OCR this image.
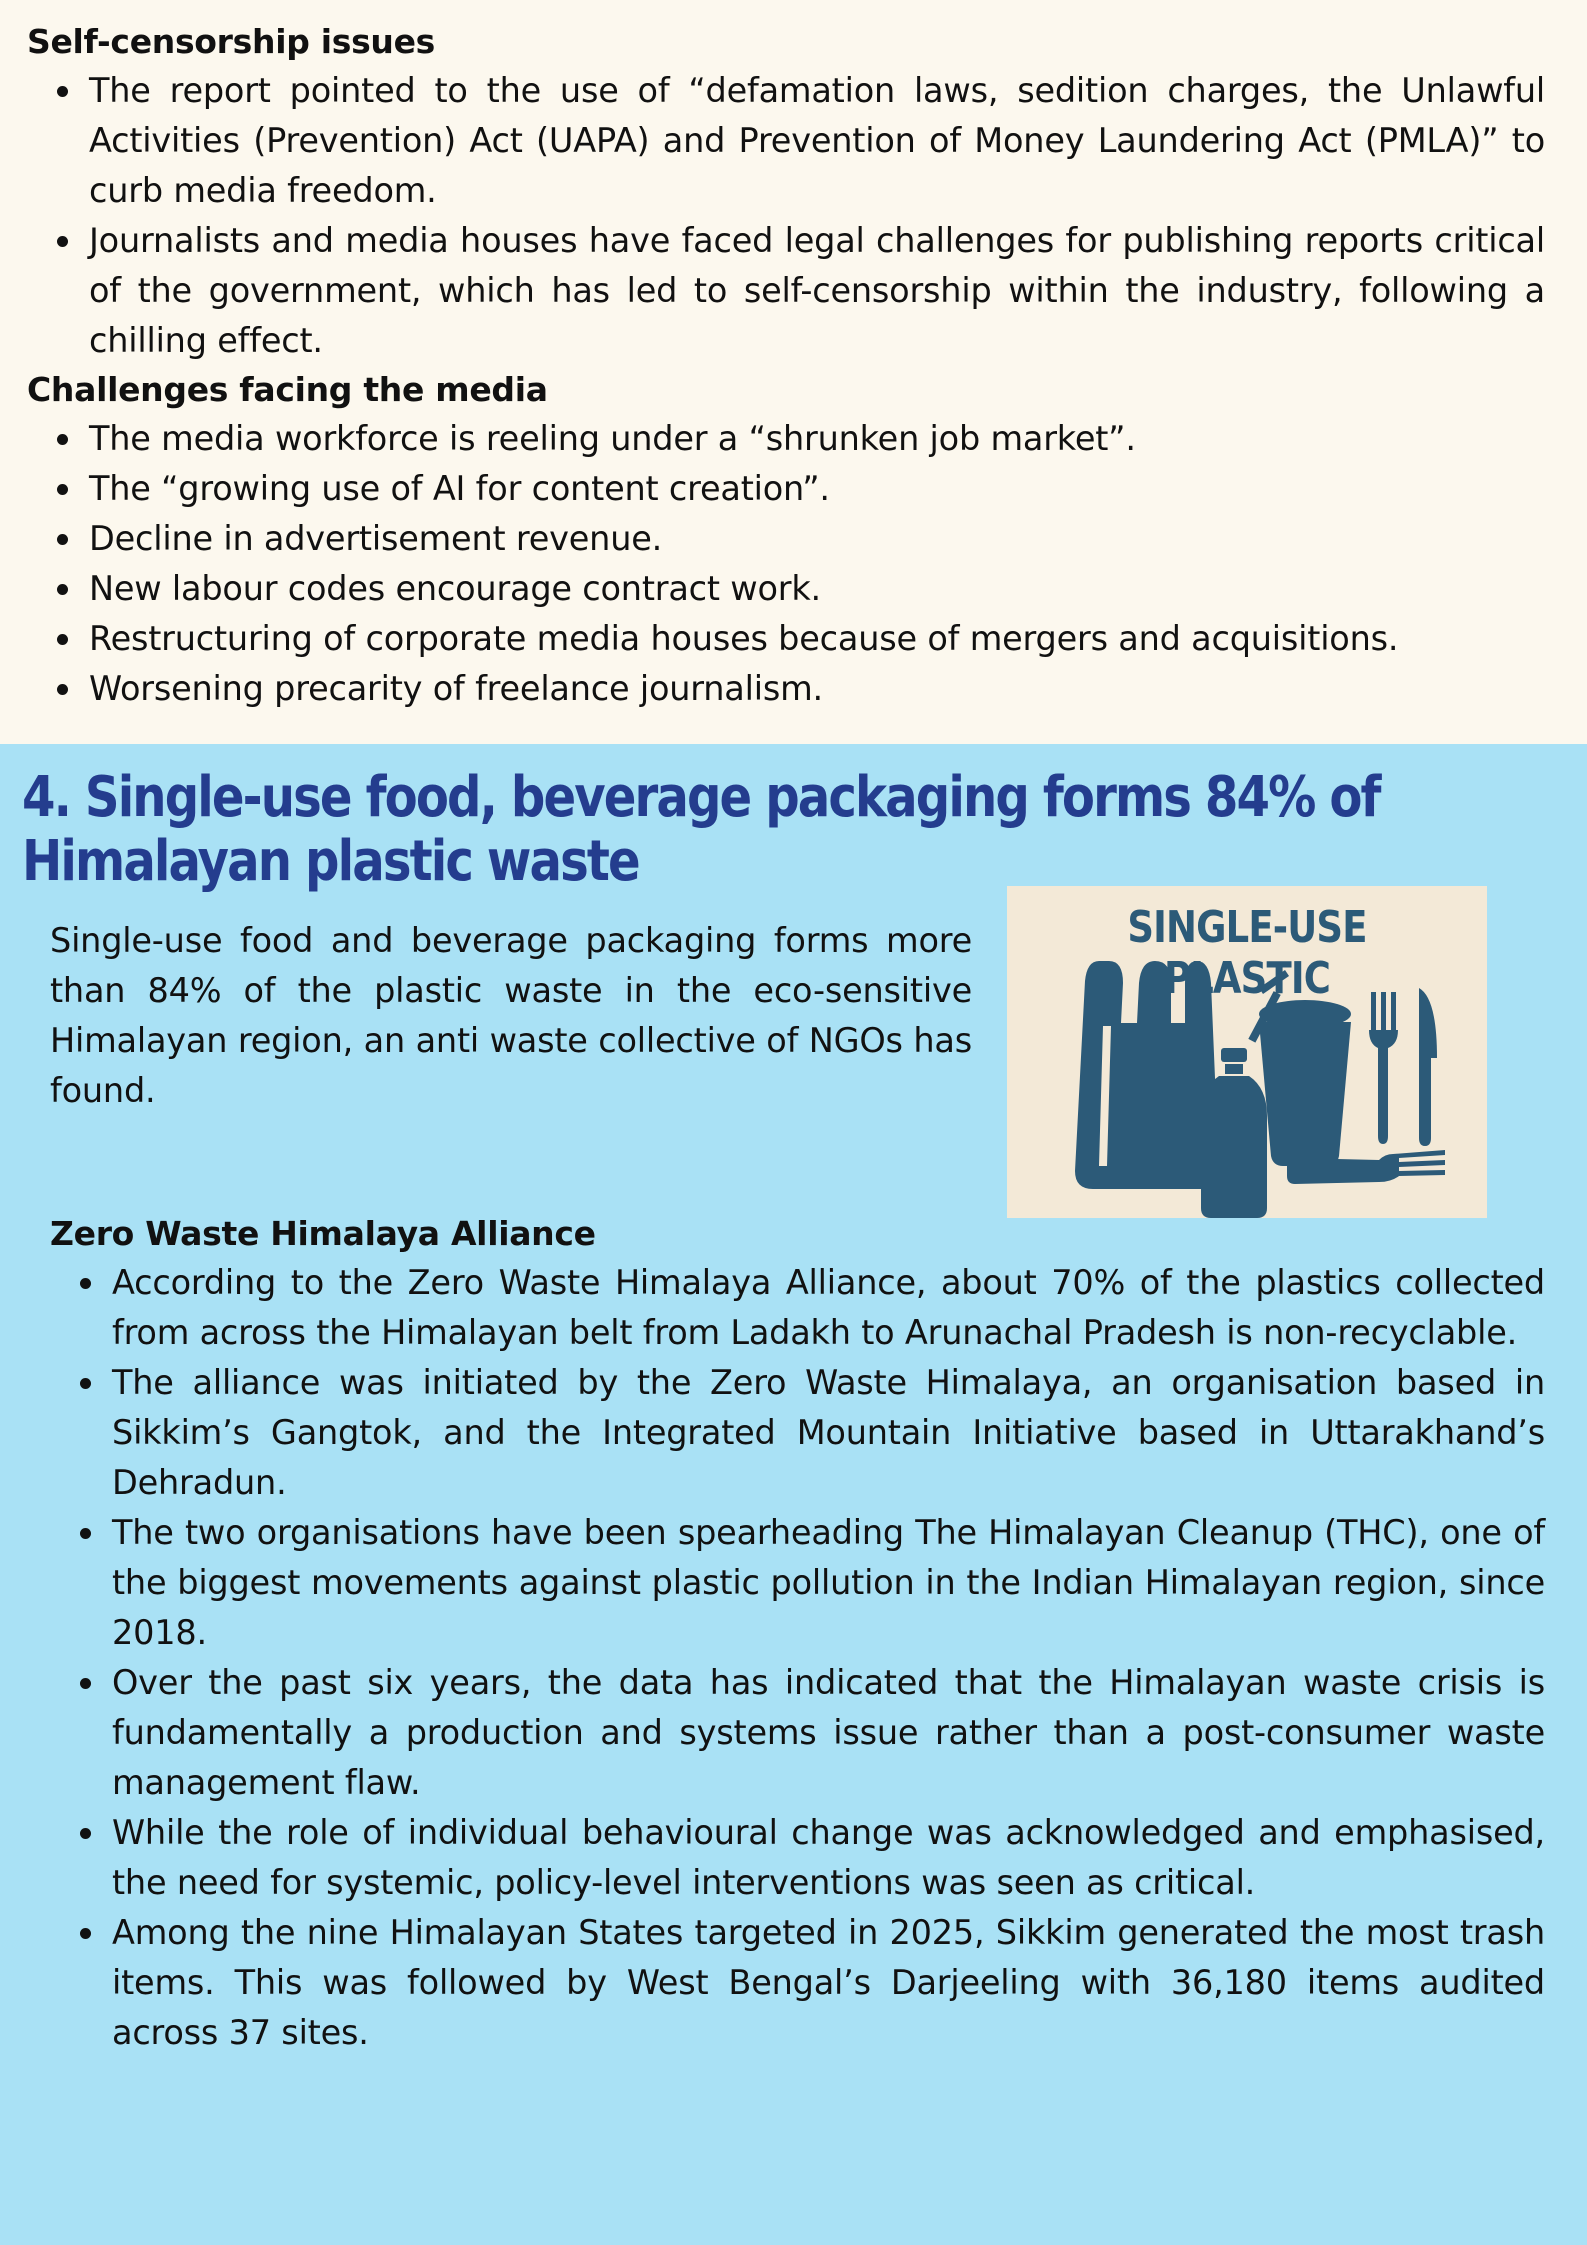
Self-censorship issues
The report pointed to the use of “defamation laws, sedition charges, the Unlawful Activities (Prevention) Act (UAPA) and Prevention of Money Laundering Act (PMLA)” to curb media freedom.
Journalists and media houses have faced legal challenges for publishing reports critical of the government, which has led to self-censorship within the industry, following a chilling effect.
Challenges facing the media
The media workforce is reeling under a “shrunken job market”.
The “growing use of AI for content creation”.
Decline in advertisement revenue.
New labour codes encourage contract work.
Restructuring of corporate media houses because of mergers and acquisitions.
Worsening precarity of freelance journalism.
4. Single-use food, beverage packaging forms 84% of Himalayan plastic waste

Single-use food and beverage packaging forms more than 84% of the plastic waste in the eco-sensitive Himalayan region, an anti waste collective of NGOs has found.

SINGLE-USE PLASTIC
Zero Waste Himalaya Alliance
According to the Zero Waste Himalaya Alliance, about 70% of the plastics collected from across the Himalayan belt from Ladakh to Arunachal Pradesh is non-recyclable.
The alliance was initiated by the Zero Waste Himalaya, an organisation based in Sikkim’s Gangtok, and the Integrated Mountain Initiative based in Uttarakhand’s Dehradun.
The two organisations have been spearheading The Himalayan Cleanup (THC), one of the biggest movements against plastic pollution in the Indian Himalayan region, since 2018.
Over the past six years, the data has indicated that the Himalayan waste crisis is fundamentally a production and systems issue rather than a post-consumer waste management flaw.
While the role of individual behavioural change was acknowledged and emphasised, the need for systemic, policy-level interventions was seen as critical.
Among the nine Himalayan States targeted in 2025, Sikkim generated the most trash items. This was followed by West Bengal’s Darjeeling with 36,180 items audited across 37 sites.
